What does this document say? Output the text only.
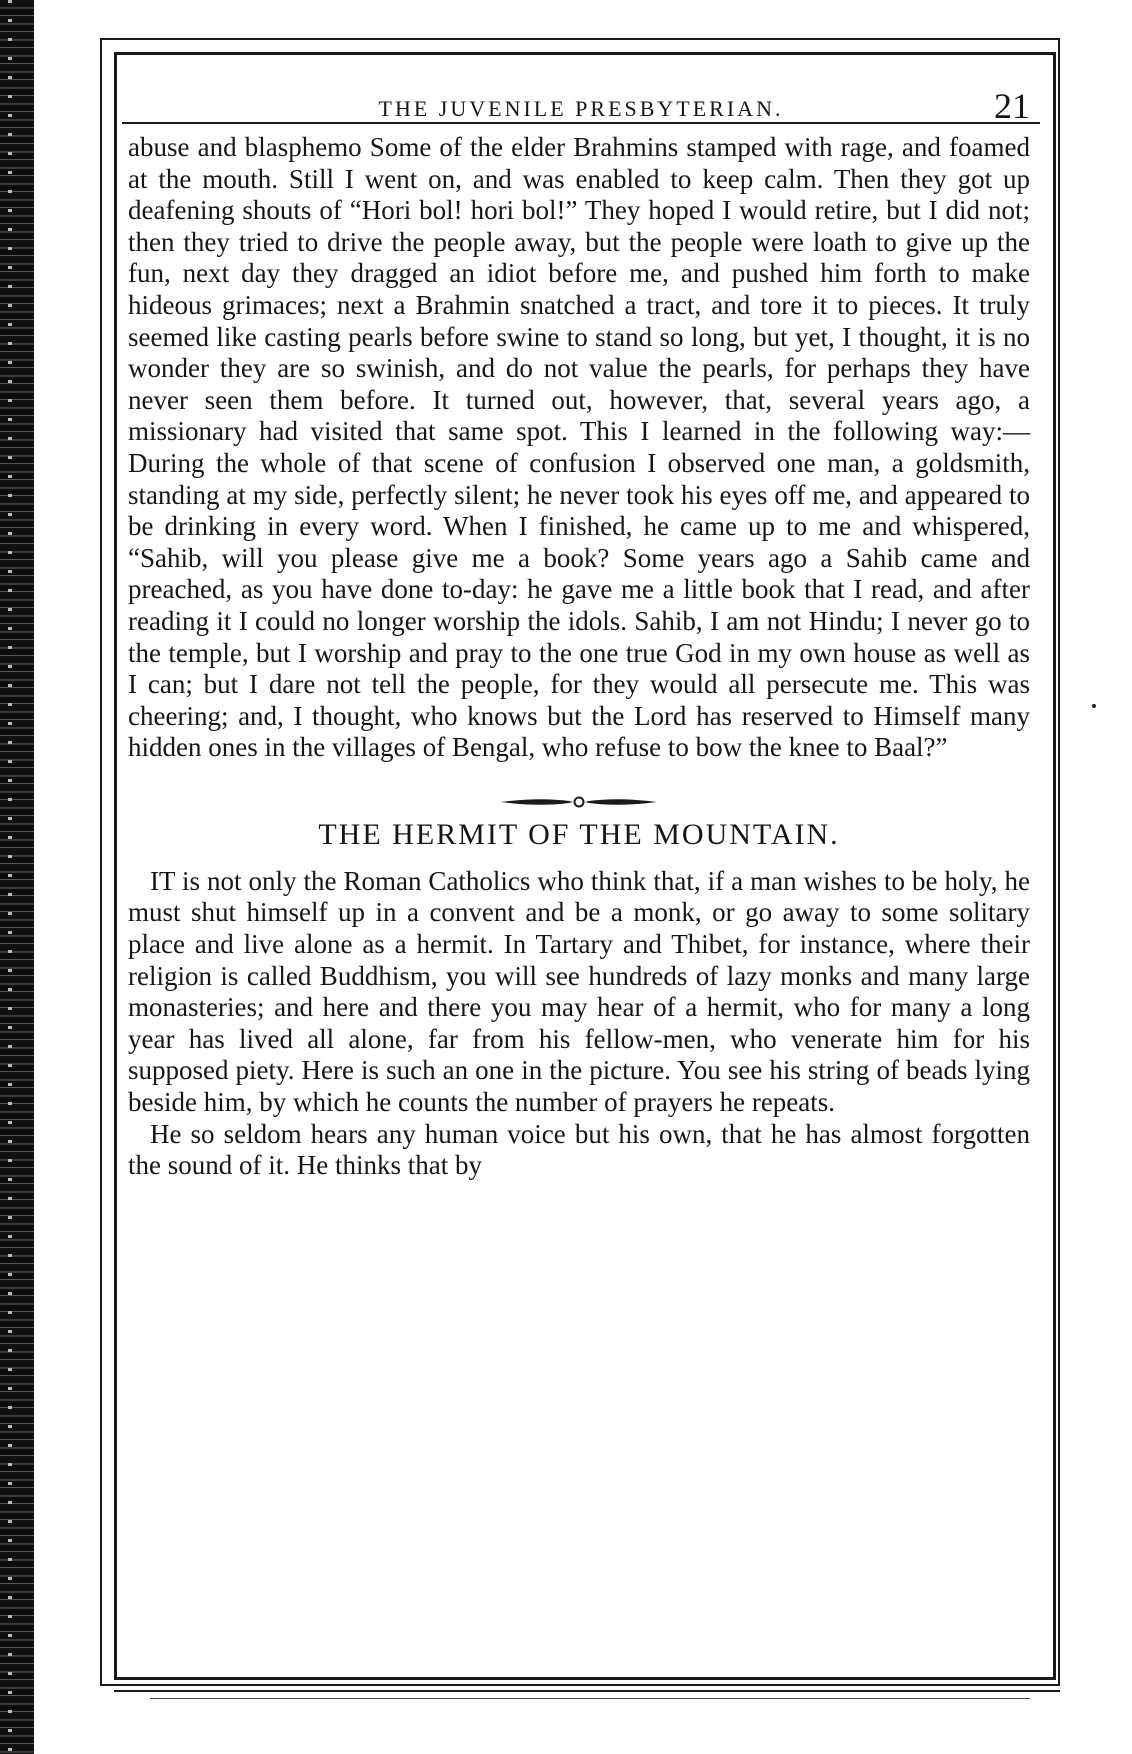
THE JUVENILE PRESBYTERIAN.	21

abuse and blasphemo Some of the elder Brahmins stamped with rage, and foamed at the mouth. Still I went on, and was enabled to keep calm. Then they got up deafening shouts of “Hori bol! hori bol!” They hoped I would retire, but I did not; then they tried to drive the people away, but the people were loath to give up the fun, next day they dragged an idiot before me, and pushed him forth to make hideous grimaces; next a Brahmin snatched a tract, and tore it to pieces. It truly seemed like casting pearls before swine to stand so long, but yet, I thought, it is no wonder they are so swinish, and do not value the pearls, for perhaps they have never seen them before. It turned out, however, that, several years ago, a missionary had visited that same spot. This I learned in the following way:—During the whole of that scene of confusion I observed one man, a goldsmith, standing at my side, perfectly silent; he never took his eyes off me, and appeared to be drinking in every word. When I finished, he came up to me and whispered, “Sahib, will you please give me a book? Some years ago a Sahib came and preached, as you have done to-day: he gave me a little book that I read, and after reading it I could no longer worship the idols. Sahib, I am not Hindu; I never go to the temple, but I worship and pray to the one true God in my own house as well as I can; but I dare not tell the people, for they would all persecute me. This was cheering; and, I thought, who knows but the Lord has reserved to Himself many hidden ones in the villages of Bengal, who refuse to bow the knee to Baal?”

THE HERMIT OF THE MOUNTAIN.

IT is not only the Roman Catholics who think that, if a man wishes to be holy, he must shut himself up in a convent and be a monk, or go away to some solitary place and live alone as a hermit. In Tartary and Thibet, for instance, where their religion is called Buddhism, you will see hundreds of lazy monks and many large monasteries; and here and there you may hear of a hermit, who for many a long year has lived all alone, far from his fellow-men, who venerate him for his supposed piety. Here is such an one in the picture. You see his string of beads lying beside him, by which he counts the number of prayers he repeats.

He so seldom hears any human voice but his own, that he has almost forgotten the sound of it. He thinks that by
